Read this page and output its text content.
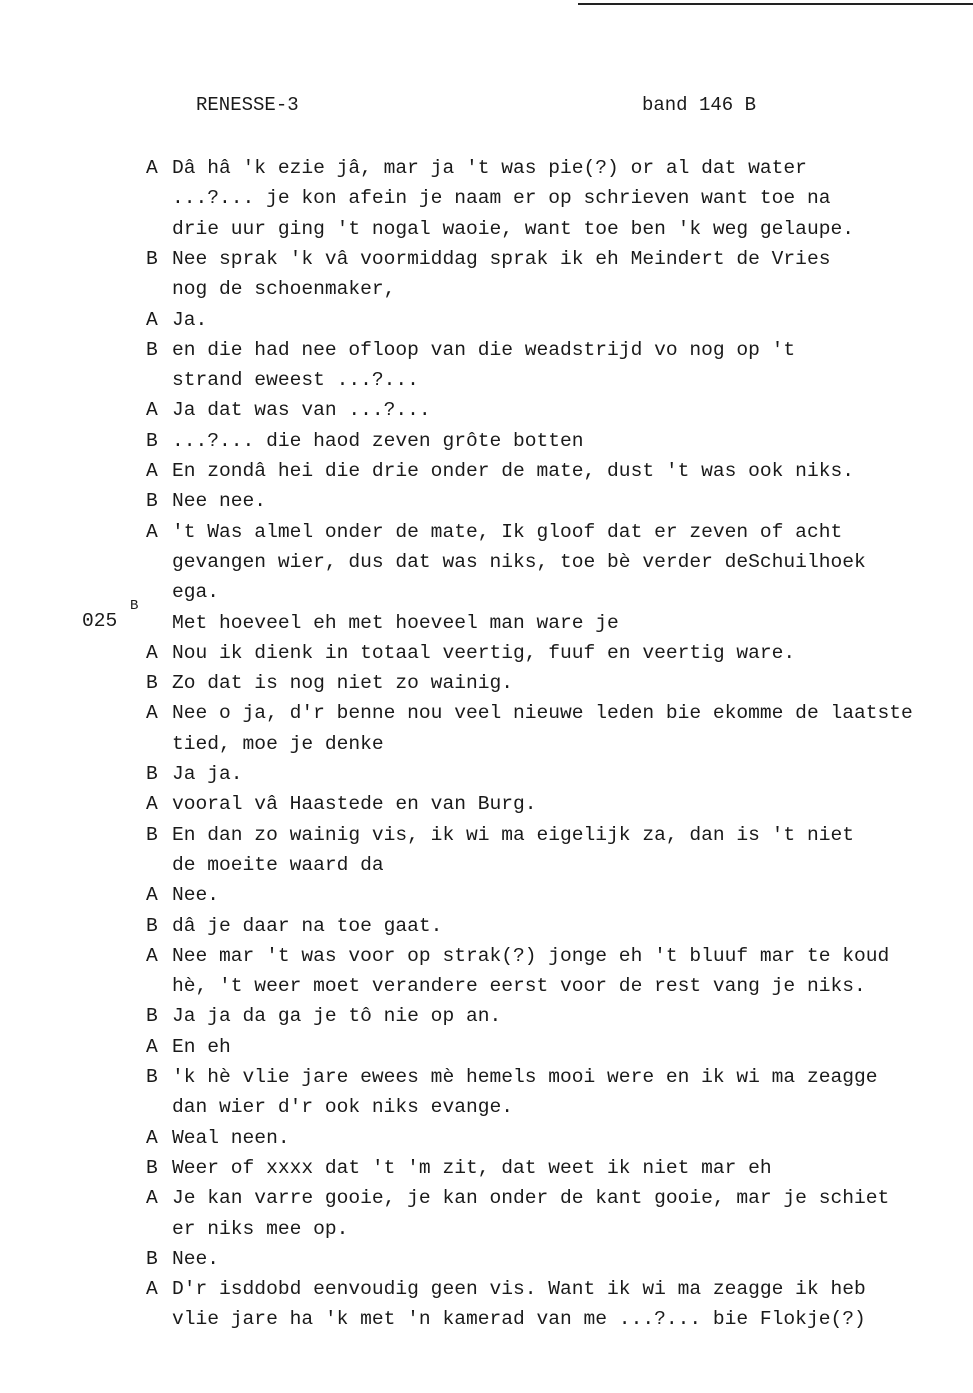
RENESSE-3	band 146 B
025
B
A Dâ hâ 'k ezie jâ, mar ja 't was pie(?) or al dat water
...?... je kon afein je naam er op schrieven want toe na
drie uur ging 't nogal waoie, want toe ben 'k weg gelaupe.
B Nee sprak 'k vâ voormiddag sprak ik eh Meindert de Vries
nog de schoenmaker,
A Ja.
B en die had nee ofloop van die weadstrijd vo nog op 't
strand eweest ...?...
A Ja dat was van ...?...
B ...?... die haod zeven grôte botten
A En zondâ hei die drie onder de mate, dust 't was ook niks.
B Nee nee.
A 't Was almel onder de mate, Ik gloof dat er zeven of acht
gevangen wier, dus dat was niks, toe bè verder deSchuilhoek
ega.
Met hoeveel eh met hoeveel man ware je
A Nou ik dienk in totaal veertig, fuuf en veertig ware.
B Zo dat is nog niet zo wainig.
A Nee o ja, d'r benne nou veel nieuwe leden bie ekomme de laatste
tied, moe je denke
B Ja ja.
A vooral vâ Haastede en van Burg.
B En dan zo wainig vis, ik wi ma eigelijk za, dan is 't niet
de moeite waard da
A Nee.
B dâ je daar na toe gaat.
A Nee mar 't was voor op strak(?) jonge eh 't bluuf mar te koud
hè, 't weer moet verandere eerst voor de rest vang je niks.
B Ja ja da ga je tô nie op an.
A En eh
B 'k hè vlie jare ewees mè hemels mooi were en ik wi ma zeagge
dan wier d'r ook niks evange.
A Weal neen.
B Weer of xxxx dat 't 'm zit, dat weet ik niet mar eh
A Je kan varre gooie, je kan onder de kant gooie, mar je schiet
er niks mee op.
B Nee.
A D'r isddobd eenvoudig geen vis. Want ik wi ma zeagge ik heb
vlie jare ha 'k met 'n kamerad van me ...?... bie Flokje(?)
